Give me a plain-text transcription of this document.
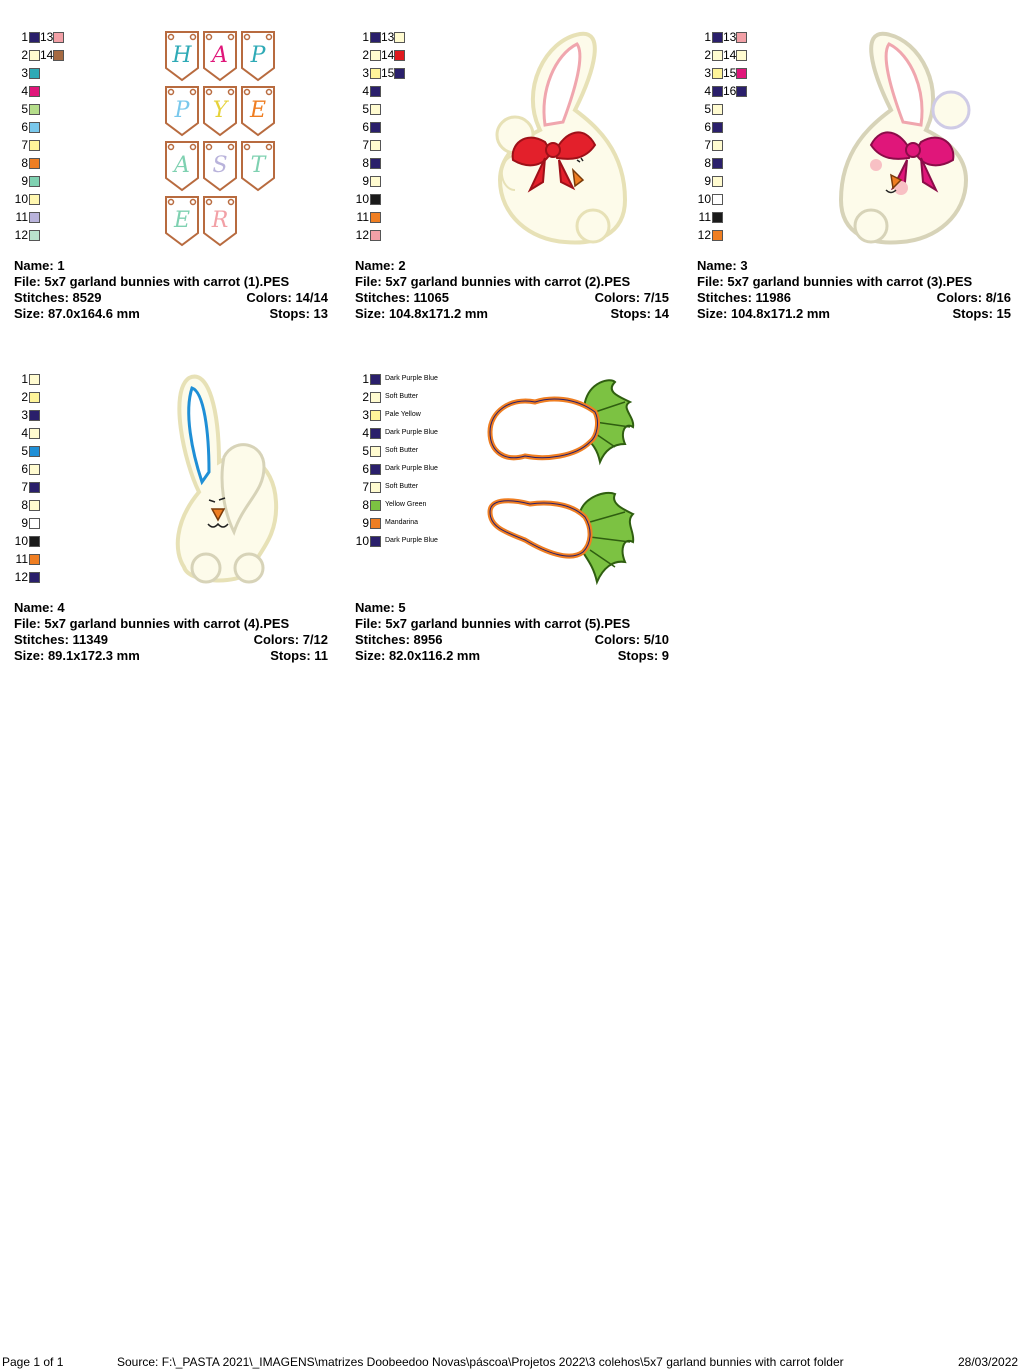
1 13
2 14
3
4
5
6
7
8
9
10
11
12
H A P
P Y E
A S T
E R
Name: 1
File: 5x7 garland bunnies with carrot (1).PES
Stitches: 8529	Colors: 14/14
Size: 87.0x164.6 mm	Stops: 13
1 13
2 14
3 15
4
5
6
7
8
9
10
11
12
Name: 2
File: 5x7 garland bunnies with carrot (2).PES
Stitches: 11065	Colors: 7/15
Size: 104.8x171.2 mm	Stops: 14
1 13
2 14
3 15
4 16
5
6
7
8
9
10
11
12
Name: 3
File: 5x7 garland bunnies with carrot (3).PES
Stitches: 11986	Colors: 8/16
Size: 104.8x171.2 mm	Stops: 15
1
2
3
4
5
6
7
8
9
10
11
12
Name: 4
File: 5x7 garland bunnies with carrot (4).PES
Stitches: 11349	Colors: 7/12
Size: 89.1x172.3 mm	Stops: 11
1 Dark Purple Blue
2 Soft Butter
3 Pale Yellow
4 Dark Purple Blue
5 Soft Butter
6 Dark Purple Blue
7 Soft Butter
8 Yellow Green
9 Mandarina
10 Dark Purple Blue
Name: 5
File: 5x7 garland bunnies with carrot (5).PES
Stitches: 8956	Colors: 5/10
Size: 82.0x116.2 mm	Stops: 9
Page 1 of 1	Source: F:\_PASTA 2021\_IMAGENS\matrizes Doobeedoo Novas\páscoa\Projetos 2022\3 colehos\5x7 garland bunnies with carrot folder	28/03/2022
